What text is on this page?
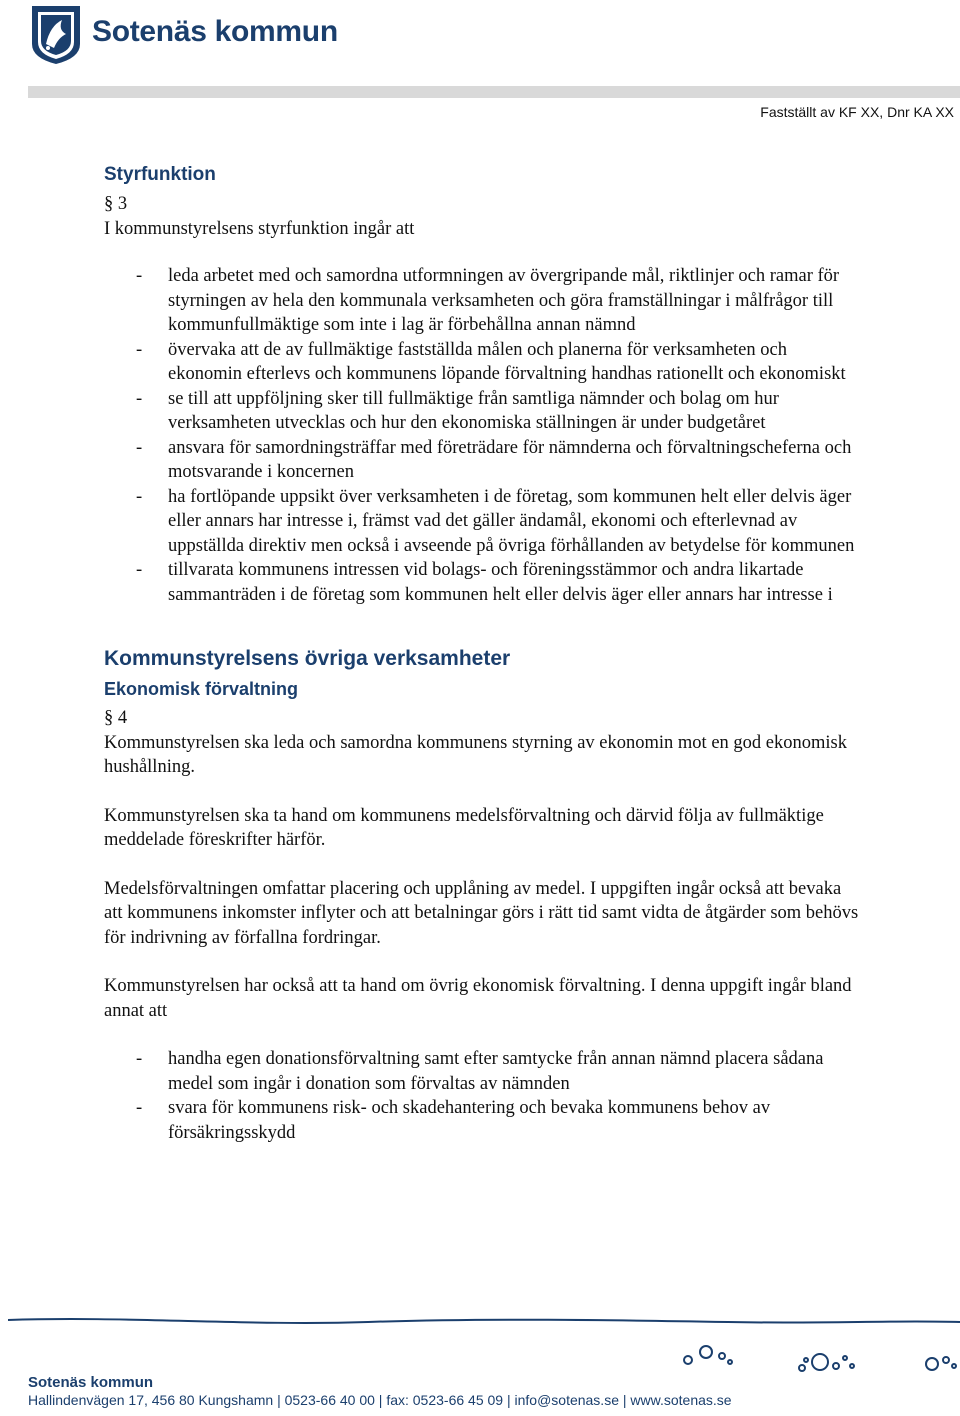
Sotenäs kommun
Fastställt av KF XX, Dnr KA XX
Styrfunktion
§ 3
I kommunstyrelsens styrfunktion ingår att
- leda arbetet med och samordna utformningen av övergripande mål, riktlinjer och ramar för styrningen av hela den kommunala verksamheten och göra framställningar i målfrågor till kommunfullmäktige som inte i lag är förbehållna annan nämnd
- övervaka att de av fullmäktige fastställda målen och planerna för verksamheten och ekonomin efterlevs och kommunens löpande förvaltning handhas rationellt och ekonomiskt
- se till att uppföljning sker till fullmäktige från samtliga nämnder och bolag om hur verksamheten utvecklas och hur den ekonomiska ställningen är under budgetåret
- ansvara för samordningsträffar med företrädare för nämnderna och förvaltningscheferna och motsvarande i koncernen
- ha fortlöpande uppsikt över verksamheten i de företag, som kommunen helt eller delvis äger eller annars har intresse i, främst vad det gäller ändamål, ekonomi och efterlevnad av uppställda direktiv men också i avseende på övriga förhållanden av betydelse för kommunen
- tillvarata kommunens intressen vid bolags- och föreningsstämmor och andra likartade sammanträden i de företag som kommunen helt eller delvis äger eller annars har intresse i
Kommunstyrelsens övriga verksamheter
Ekonomisk förvaltning
§ 4
Kommunstyrelsen ska leda och samordna kommunens styrning av ekonomin mot en god ekonomisk hushållning.
Kommunstyrelsen ska ta hand om kommunens medelsförvaltning och därvid följa av fullmäktige meddelade föreskrifter härför.
Medelsförvaltningen omfattar placering och upplåning av medel. I uppgiften ingår också att bevaka att kommunens inkomster inflyter och att betalningar görs i rätt tid samt vidta de åtgärder som behövs för indrivning av förfallna fordringar.
Kommunstyrelsen har också att ta hand om övrig ekonomisk förvaltning. I denna uppgift ingår bland annat att
- handha egen donationsförvaltning samt efter samtycke från annan nämnd placera sådana medel som ingår i donation som förvaltas av nämnden
- svara för kommunens risk- och skadehantering och bevaka kommunens behov av försäkringsskydd
Sotenäs kommun
Hallindenvägen 17, 456 80 Kungshamn | 0523-66 40 00 | fax: 0523-66 45 09 | info@sotenas.se | www.sotenas.se
